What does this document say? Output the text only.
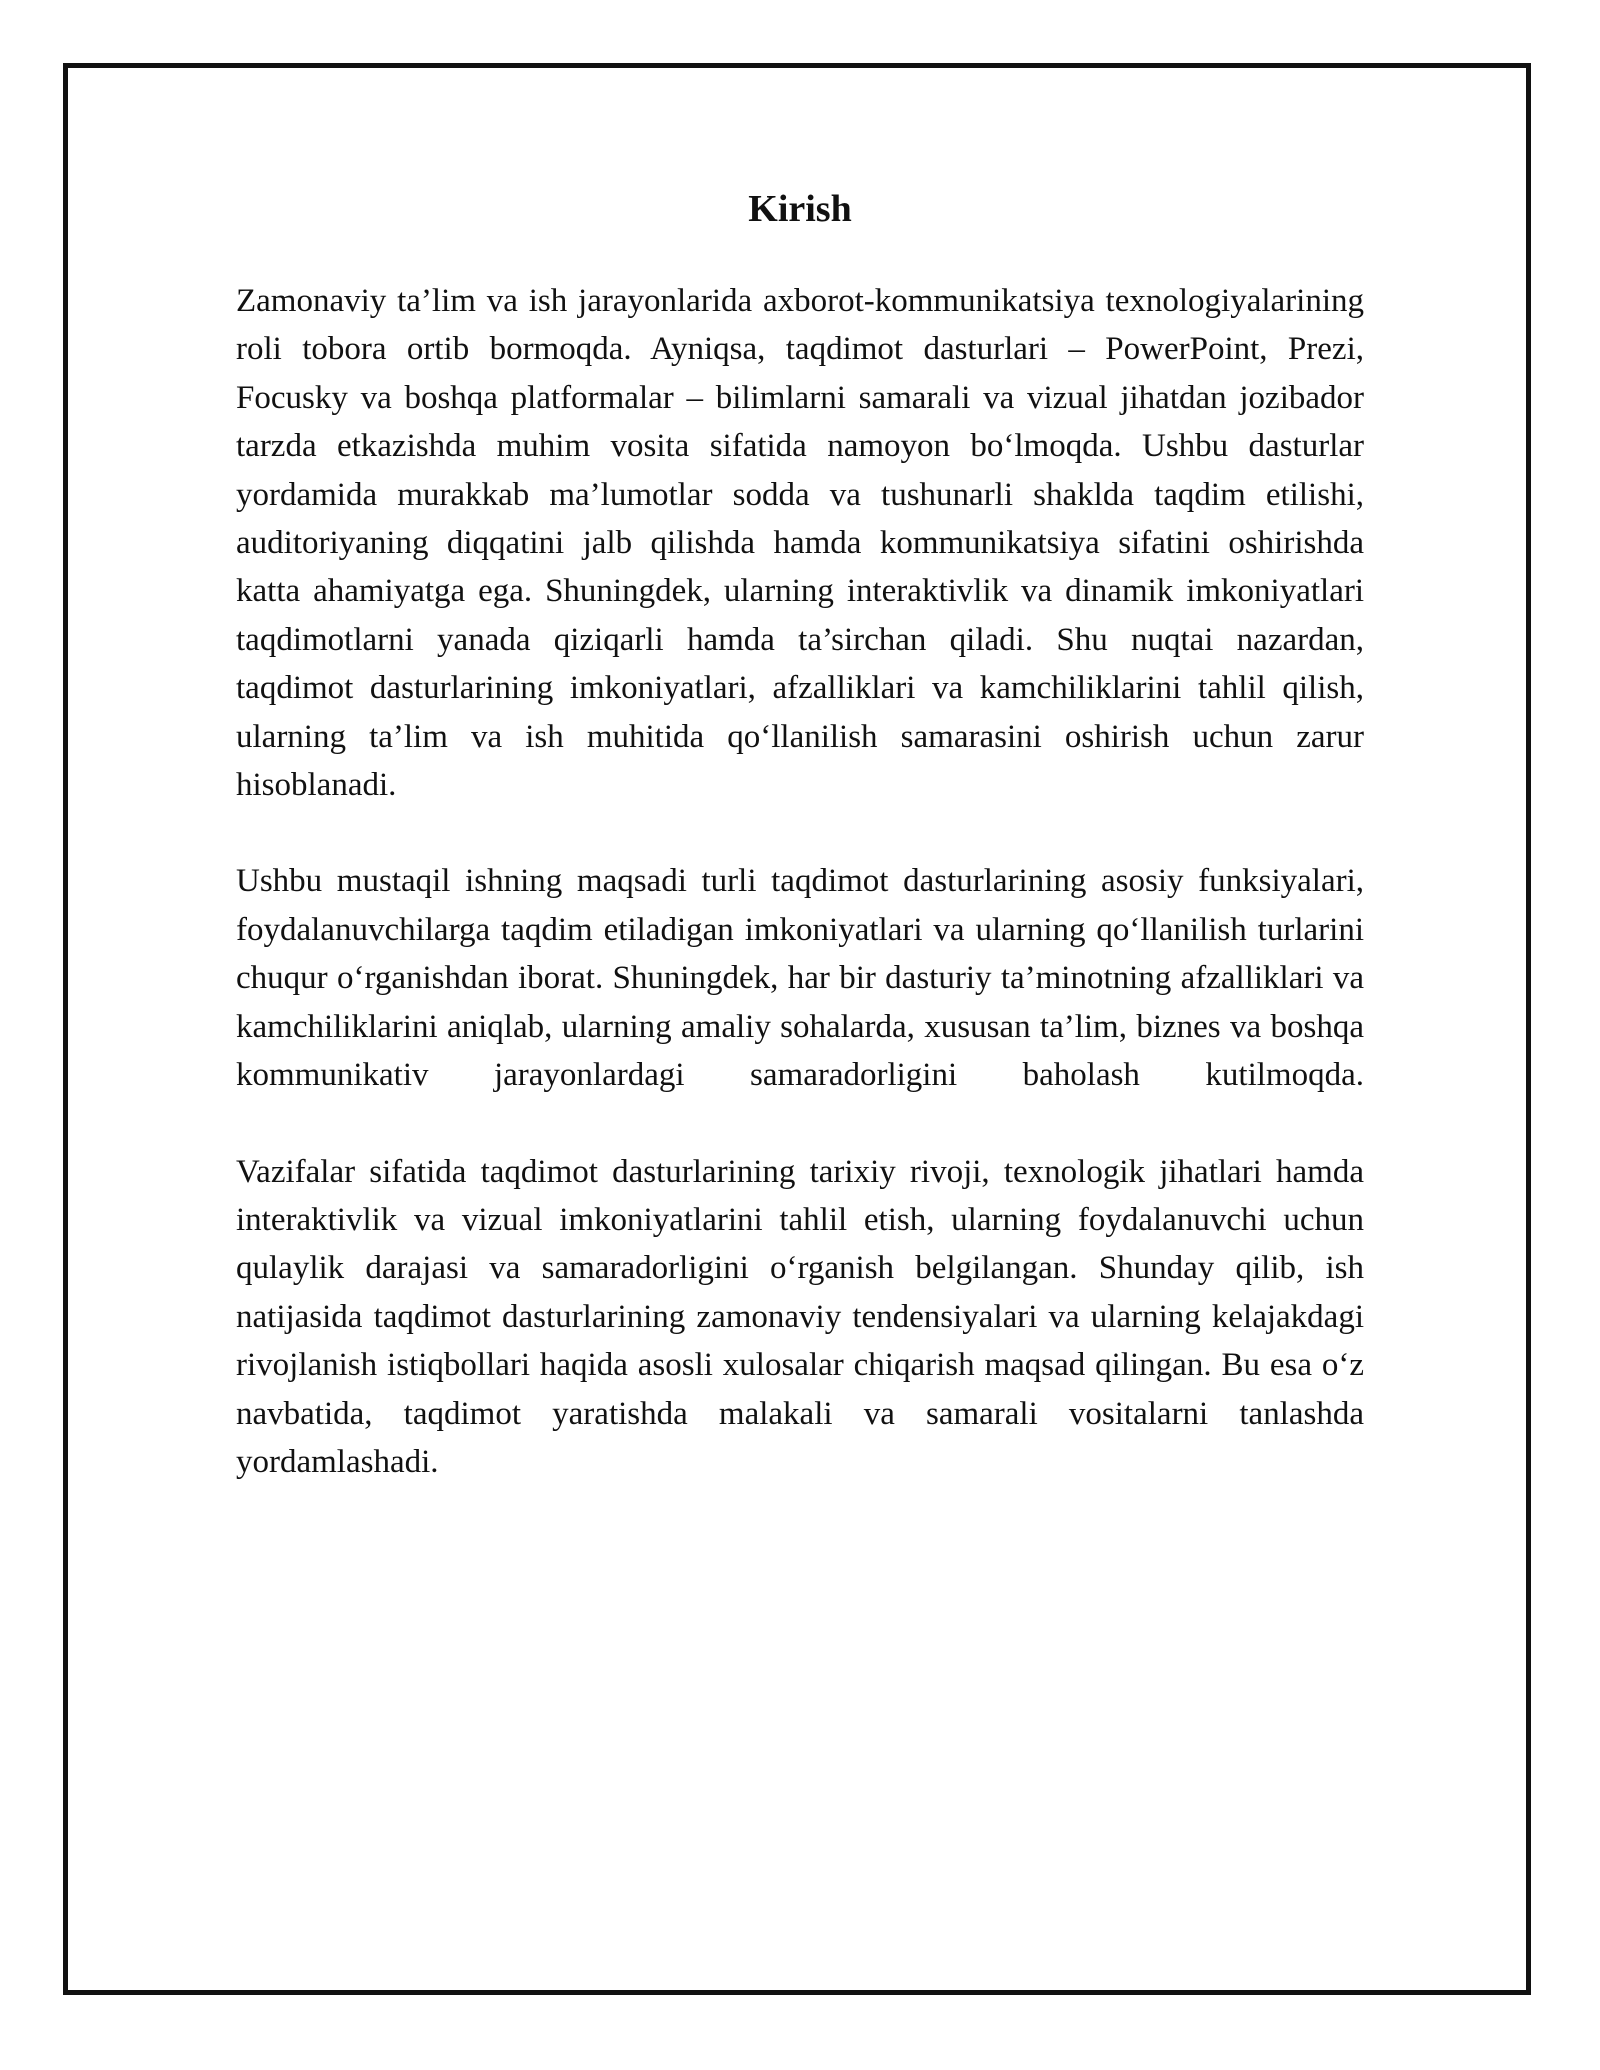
Kirish

Zamonaviy ta’lim va ish jarayonlarida axborot-kommunikatsiya texnologiyalarining roli tobora ortib bormoqda. Ayniqsa, taqdimot dasturlari – PowerPoint, Prezi, Focusky va boshqa platformalar – bilimlarni samarali va vizual jihatdan jozibador tarzda etkazishda muhim vosita sifatida namoyon bo‘lmoqda. Ushbu dasturlar yordamida murakkab ma’lumotlar sodda va tushunarli shaklda taqdim etilishi, auditoriyaning diqqatini jalb qilishda hamda kommunikatsiya sifatini oshirishda katta ahamiyatga ega. Shuningdek, ularning interaktivlik va dinamik imkoniyatlari taqdimotlarni yanada qiziqarli hamda ta’sirchan qiladi. Shu nuqtai nazardan, taqdimot dasturlarining imkoniyatlari, afzalliklari va kamchiliklarini tahlil qilish, ularning ta’lim va ish muhitida qo‘llanilish samarasini oshirish uchun zarur hisoblanadi.

Ushbu mustaqil ishning maqsadi turli taqdimot dasturlarining asosiy funksiyalari, foydalanuvchilarga taqdim etiladigan imkoniyatlari va ularning qo‘llanilish turlarini chuqur o‘rganishdan iborat. Shuningdek, har bir dasturiy ta’minotning afzalliklari va kamchiliklarini aniqlab, ularning amaliy sohalarda, xususan ta’lim, biznes va boshqa kommunikativ jarayonlardagi samaradorligini baholash kutilmoqda.

Vazifalar sifatida taqdimot dasturlarining tarixiy rivoji, texnologik jihatlari hamda interaktivlik va vizual imkoniyatlarini tahlil etish, ularning foydalanuvchi uchun qulaylik darajasi va samaradorligini o‘rganish belgilangan. Shunday qilib, ish natijasida taqdimot dasturlarining zamonaviy tendensiyalari va ularning kelajakdagi rivojlanish istiqbollari haqida asosli xulosalar chiqarish maqsad qilingan. Bu esa o‘z navbatida, taqdimot yaratishda malakali va samarali vositalarni tanlashda yordamlashadi.
